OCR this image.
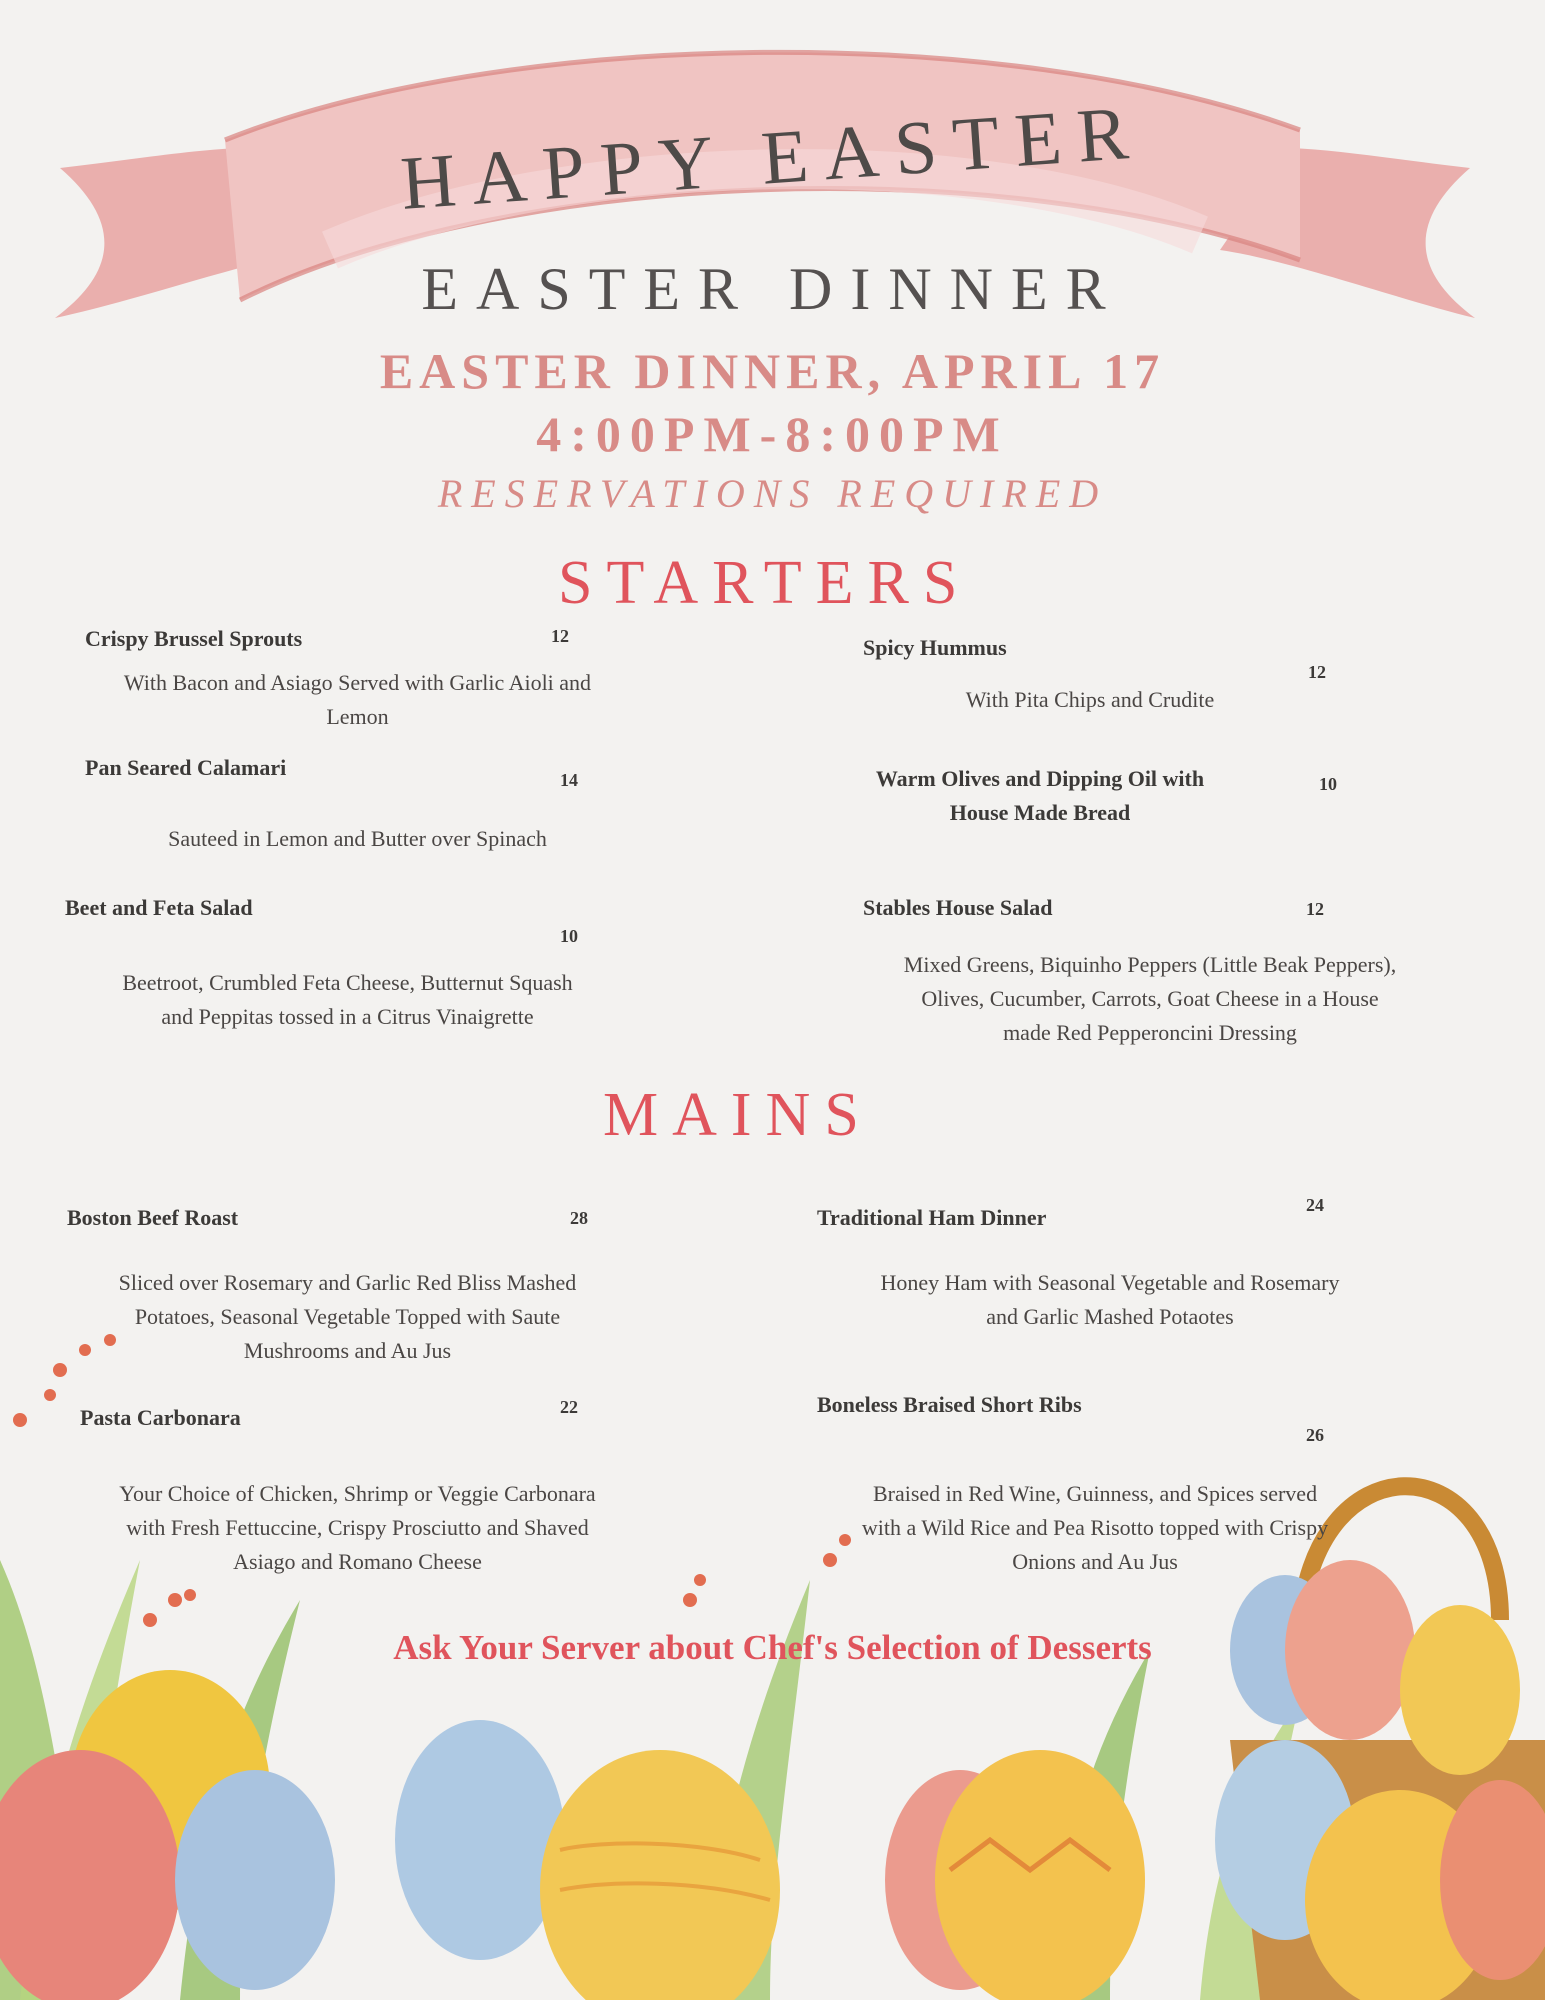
HAPPY EASTER
EASTER DINNER
EASTER DINNER, APRIL 17
4:00PM-8:00PM
RESERVATIONS REQUIRED
STARTERS
Crispy Brussel Sprouts	12
With Bacon and Asiago Served with Garlic Aioli and
Lemon
Spicy Hummus
12
With Pita Chips and Crudite
Pan Seared Calamari	14
Sauteed in Lemon and Butter over Spinach
Warm Olives and Dipping Oil with
House Made Bread
10
Beet and Feta Salad
10
Beetroot, Crumbled Feta Cheese, Butternut Squash
and Peppitas tossed in a Citrus Vinaigrette
Stables House Salad	12
Mixed Greens, Biquinho Peppers (Little Beak Peppers),
Olives, Cucumber, Carrots, Goat Cheese in a House
made Red Pepperoncini Dressing
MAINS
Boston Beef Roast	28
Sliced over Rosemary and Garlic Red Bliss Mashed
Potatoes, Seasonal Vegetable Topped with Saute
Mushrooms and Au Jus
Traditional Ham Dinner	24
Honey Ham with Seasonal Vegetable and Rosemary
and Garlic Mashed Potaotes
Pasta Carbonara	22
Your Choice of Chicken, Shrimp or Veggie Carbonara
with Fresh Fettuccine, Crispy Prosciutto and Shaved
Asiago and Romano Cheese
Boneless Braised Short Ribs
26
Braised in Red Wine, Guinness, and Spices served
with a Wild Rice and Pea Risotto topped with Crispy
Onions and Au Jus
Ask Your Server about Chef's Selection of Desserts
